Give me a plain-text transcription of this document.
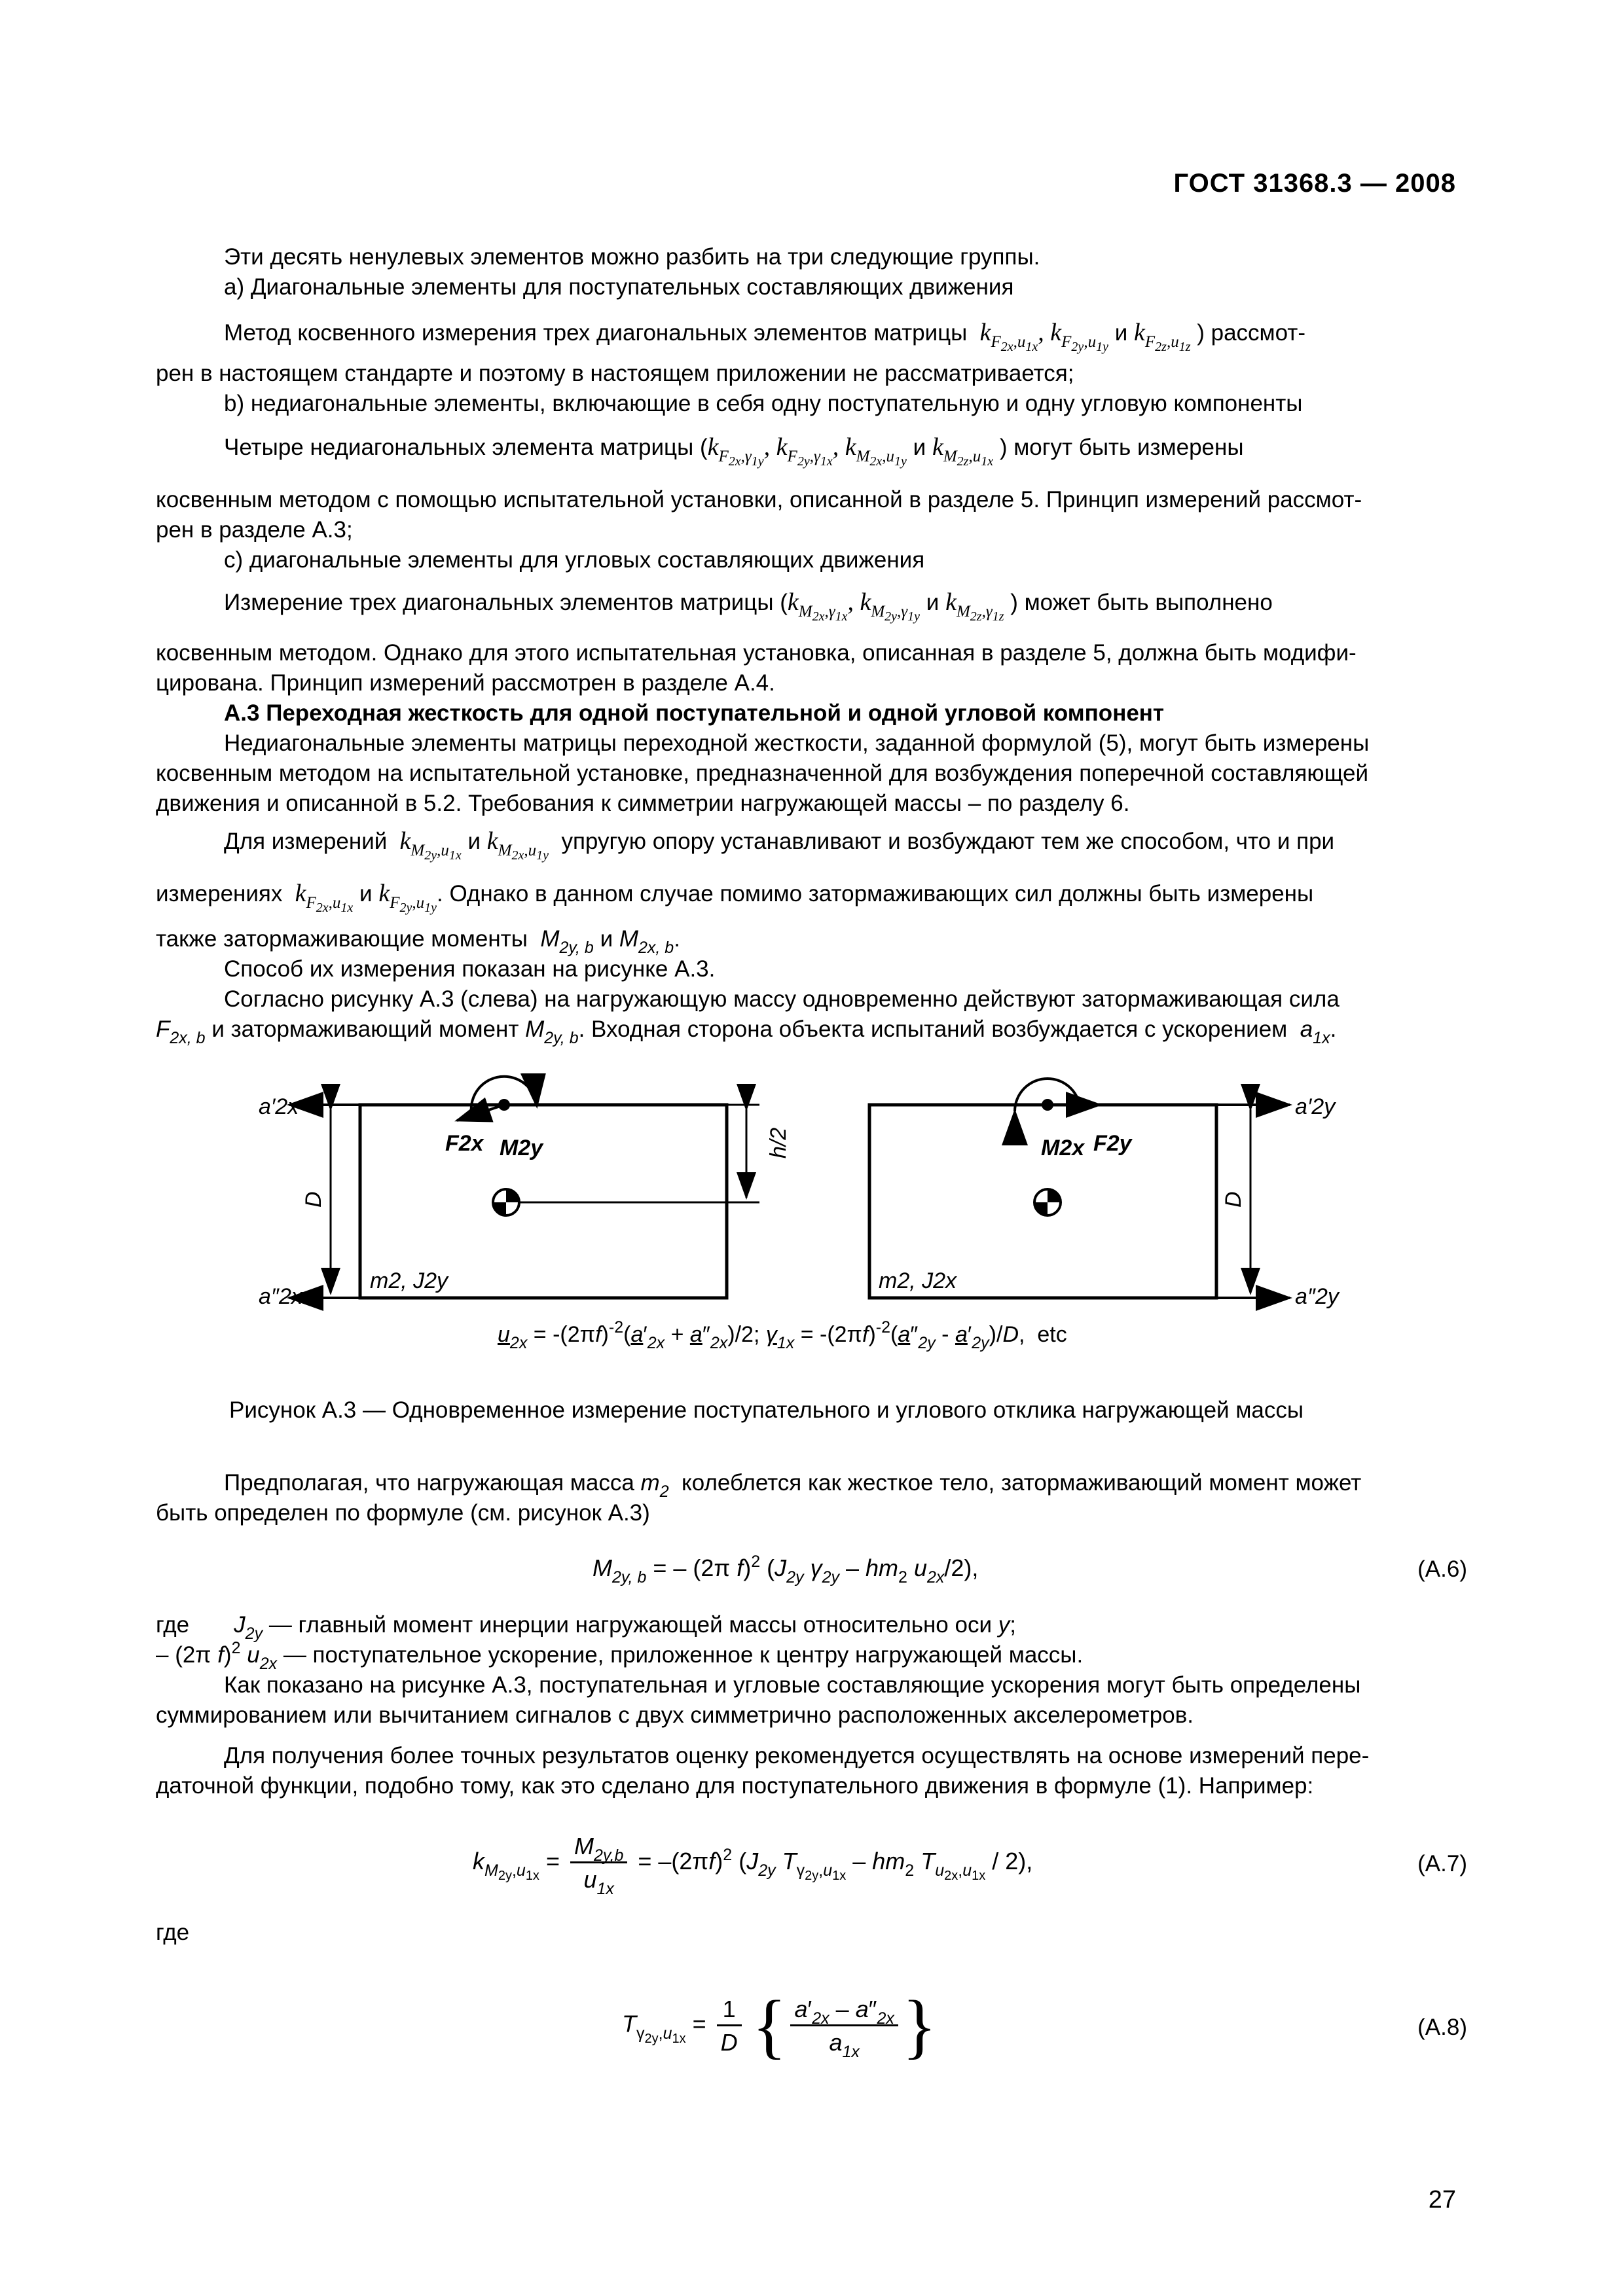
ГОСТ 31368.3 — 2008
Эти десять ненулевых элементов можно разбить на три следующие группы.
a) Диагональные элементы для поступательных составляющих движения
Метод косвенного измерения трех диагональных элементов матрицы  $k_{F_{2x},u_{1x}}$, $k_{F_{2y},u_{1y}}$ и $k_{F_{2z},u_{1z}}$ ) рассмот-
рен в настоящем стандарте и поэтому в настоящем приложении не рассматривается;
b) недиагональные элементы, включающие в себя одну поступательную и одну угловую компоненты
Четыре недиагональных элемента матрицы ($k_{F_{2x},\gamma_{1y}}$, $k_{F_{2y},\gamma_{1x}}$, $k_{M_{2x},u_{1y}}$ и $k_{M_{2z},u_{1x}}$ ) могут быть измерены
косвенным методом с помощью испытательной установки, описанной в разделе 5. Принцип измерений рассмот-
рен в разделе А.3;
c) диагональные элементы для угловых составляющих движения
Измерение трех диагональных элементов матрицы ($k_{M_{2x},\gamma_{1x}}$, $k_{M_{2y},\gamma_{1y}}$ и $k_{M_{2z},\gamma_{1z}}$ ) может быть выполнено
косвенным методом. Однако для этого испытательная установка, описанная в разделе 5, должна быть модифи-
цирована. Принцип измерений рассмотрен в разделе А.4.
А.3 Переходная жесткость для одной поступательной и одной угловой компонент
Недиагональные элементы матрицы переходной жесткости, заданной формулой (5), могут быть измерены
косвенным методом на испытательной установке, предназначенной для возбуждения поперечной составляющей
движения и описанной в 5.2. Требования к симметрии нагружающей массы – по разделу 6.
Для измерений  $k_{M_{2y},u_{1x}}$ и $k_{M_{2x},u_{1y}}$  упругую опору устанавливают и возбуждают тем же способом, что и при
измерениях  $k_{F_{2x},u_{1x}}$ и $k_{F_{2y},u_{1y}}$. Однако в данном случае помимо затормаживающих сил должны быть измерены
также затормаживающие моменты  $M_{2y, b}$ и $M_{2x, b}$.
Способ их измерения показан на рисунке А.3.
Согласно рисунку А.3 (слева) на нагружающую массу одновременно действуют затормаживающая сила
$F_{2x, b}$ и затормаживающий момент $M_{2y, b}$. Входная сторона объекта испытаний возбуждается с ускорением $a_{1x}$.
a′2x
a″2x
D
F2x M2y	h/2
m2, J2y
a′2y
a″2y
D
M2x F2y
m2, J2x
$u_{2x} = -(2\pi f)^{-2}(a'_{2x} + a''_{2x})/2$; $\gamma_{1x} = -(2\pi f)^{-2}(a''_{2y} - a'_{2y})/D$,  etc
Рисунок А.3 — Одновременное измерение поступательного и углового отклика нагружающей массы
Предполагая, что нагружающая масса $m_2$ колеблется как жесткое тело, затормаживающий момент может
быть определен по формуле (см. рисунок А.3)
$M_{2y, b}$ = – (2π f)$^2$ ($J_{2y}$ $\gamma_{2y} - hm_2$ $u_{2x}/2$),	(A.6)
где $J_{2y}$ — главный момент инерции нагружающей массы относительно оси y;
– (2π f)$^2$ $u_{2x}$ — поступательное ускорение, приложенное к центру нагружающей массы.
Как показано на рисунке А.3, поступательная и угловые составляющие ускорения могут быть определены
суммированием или вычитанием сигналов с двух симметрично расположенных акселерометров.
Для получения более точных результатов оценку рекомендуется осуществлять на основе измерений пере-
даточной функции, подобно тому, как это сделано для поступательного движения в формуле (1). Например:
$k_{M_{2y},u_{1x}} = \frac{M_{2y,b}}{u_{1x}} = -(2\pi f)^2$ ($J_{2y}$ $T_{\gamma_{2y},u_{1x}} - hm_2$ $T_{u_{2x},u_{1x}} / 2$),	(A.7)
где
$T_{\gamma_{2y},u_{1x}} = \frac{1}{D}$ { $\frac{a'_{2x} - a''_{2x}}{a_{1x}}$ }	(A.8)
27
